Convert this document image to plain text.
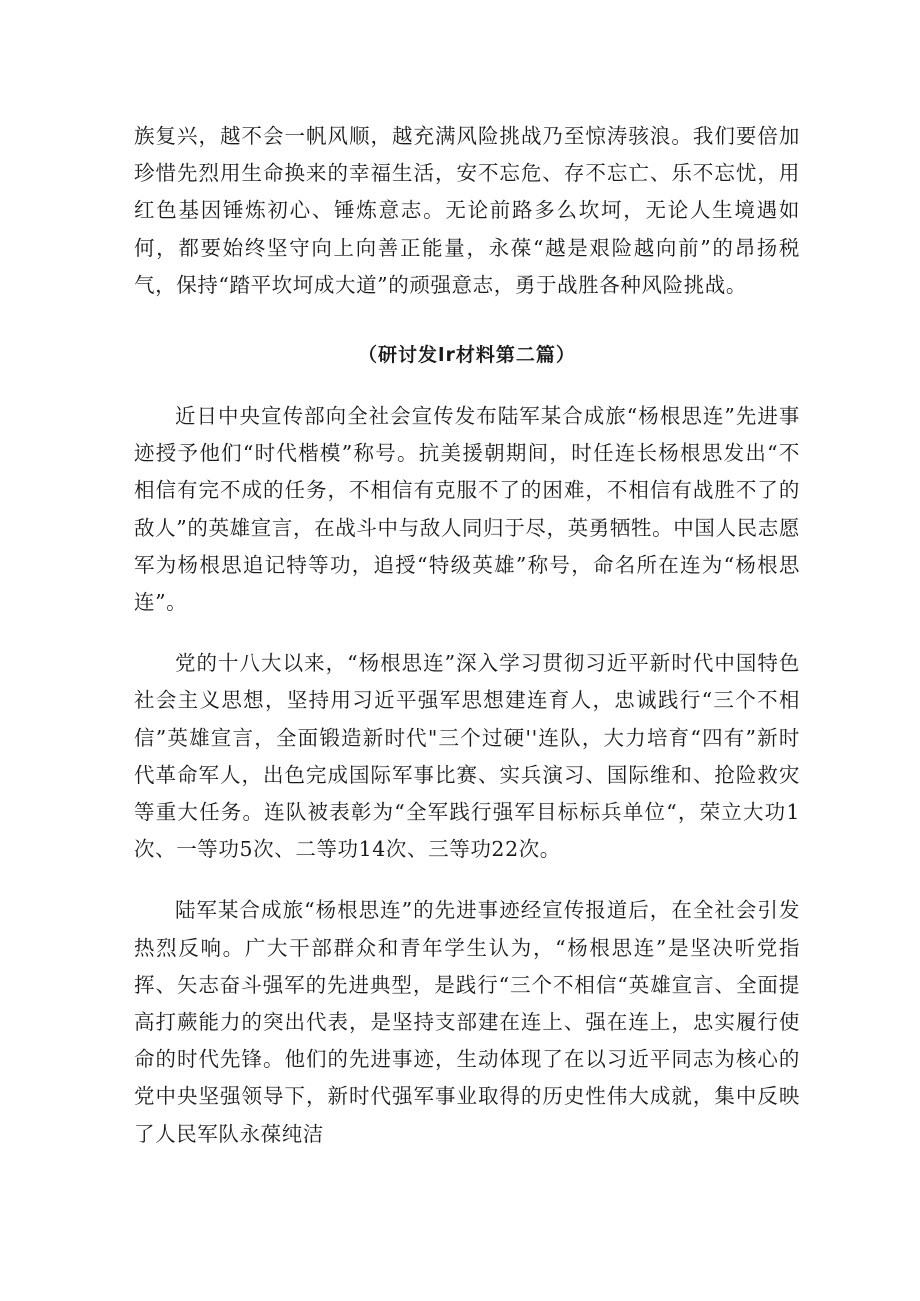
族复兴，越不会一帆风顺，越充满风险挑战乃至惊涛骇浪。我们要倍加珍惜先烈用生命换来的幸福生活，安不忘危、存不忘亡、乐不忘忧，用红色基因锤炼初心、锤炼意志。无论前路多么坎坷，无论人生境遇如何，都要始终坚守向上向善正能量，永葆“越是艰险越向前”的昂扬税气，保持“踏平坎坷成大道”的顽强意志，勇于战胜各种风险挑战。

（研讨发lr材料第二篇）

近日中央宣传部向全社会宣传发布陆军某合成旅“杨根思连”先进事迹授予他们“时代楷模”称号。抗美援朝期间，时任连长杨根思发出“不相信有完不成的任务，不相信有克服不了的困难，不相信有战胜不了的敌人”的英雄宣言，在战斗中与敌人同归于尽，英勇牺牲。中国人民志愿军为杨根思追记特等功，追授“特级英雄”称号，命名所在连为“杨根思连”。

党的十八大以来，“杨根思连”深入学习贯彻习近平新时代中国特色社会主义思想，坚持用习近平强军思想建连育人，忠诚践行“三个不相信”英雄宣言，全面锻造新时代"三个过硬''连队，大力培育“四有”新时代革命军人，出色完成国际军事比赛、实兵演习、国际维和、抢险救灾等重大任务。连队被表彰为“全军践行强军目标标兵单位“，荣立大功1次、一等功5次、二等功14次、三等功22次。

陆军某合成旅“杨根思连”的先进事迹经宣传报道后，在全社会引发热烈反响。广大干部群众和青年学生认为，“杨根思连”是坚决听党指挥、矢志奋斗强军的先进典型，是践行“三个不相信“英雄宣言、全面提高打蕨能力的突出代表，是坚持支部建在连上、强在连上，忠实履行使命的时代先锋。他们的先进事迹，生动体现了在以习近平同志为核心的党中央坚强领导下，新时代强军事业取得的历史性伟大成就，集中反映了人民军队永葆纯洁
